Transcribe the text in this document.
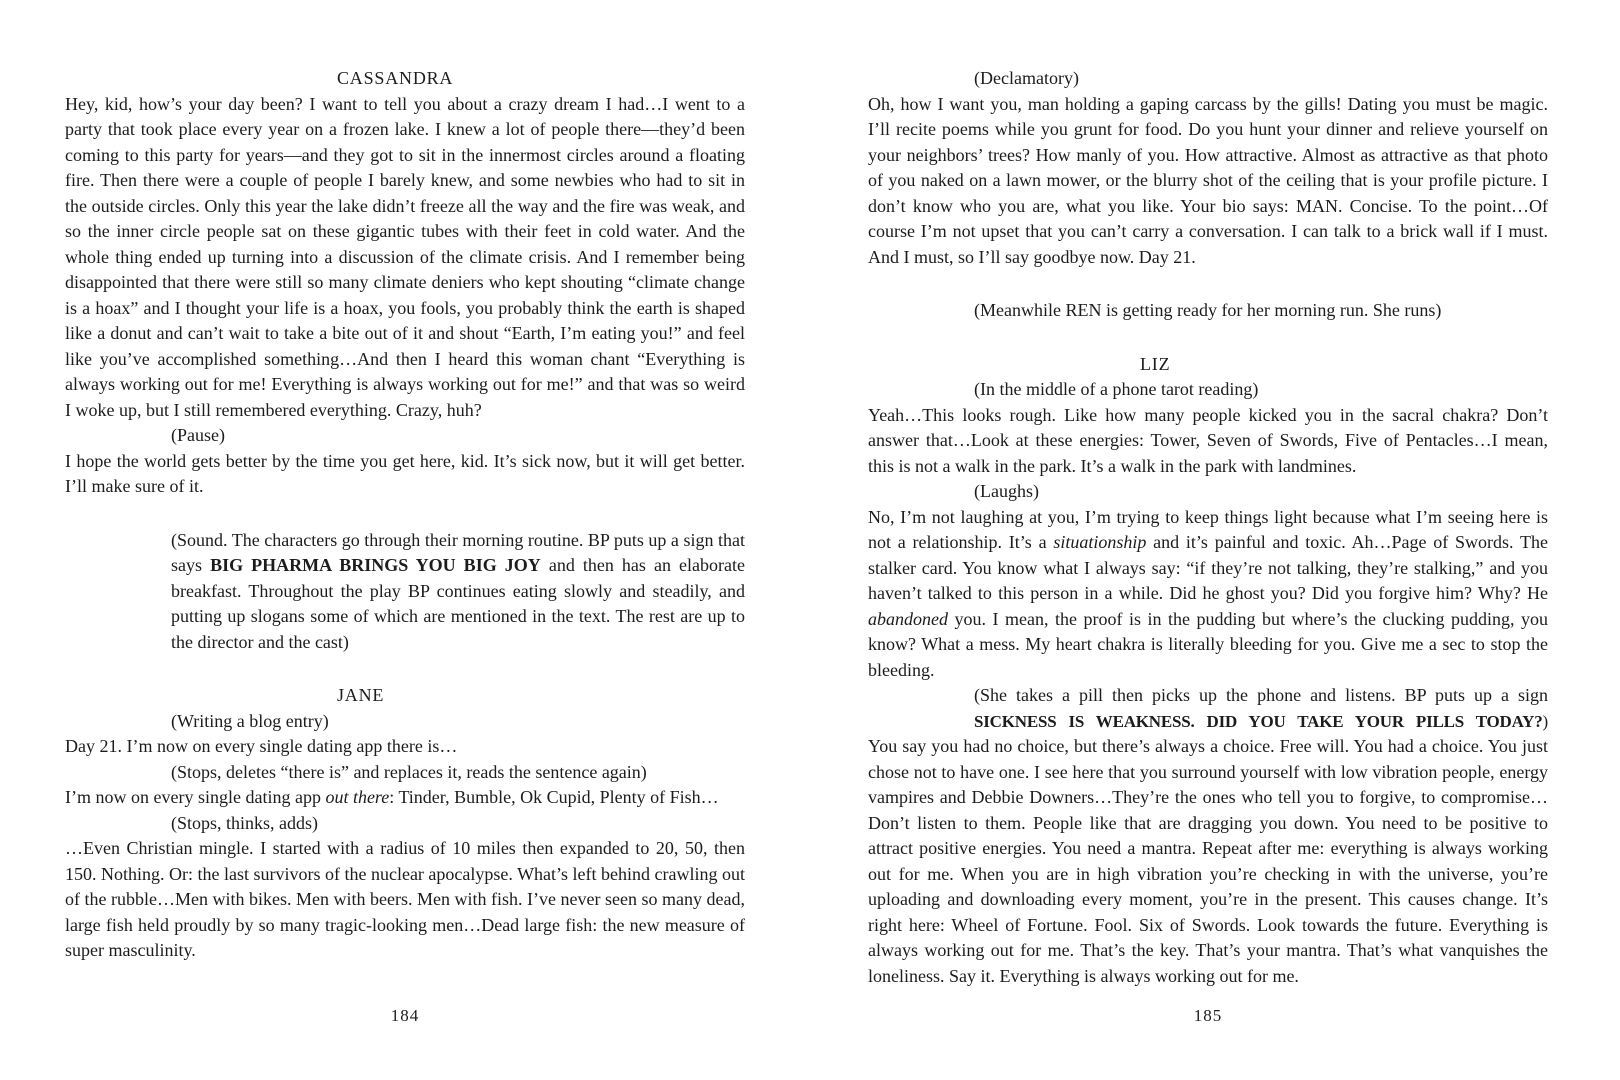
CASSANDRA

Hey, kid, how’s your day been? I want to tell you about a crazy dream I had…I went to a party that took place every year on a frozen lake. I knew a lot of people there—they’d been coming to this party for years—and they got to sit in the innermost circles around a floating fire. Then there were a couple of people I barely knew, and some newbies who had to sit in the outside circles. Only this year the lake didn’t freeze all the way and the fire was weak, and so the inner circle people sat on these gigantic tubes with their feet in cold water. And the whole thing ended up turning into a discussion of the climate crisis. And I remember being disappointed that there were still so many climate deniers who kept shouting “climate change is a hoax” and I thought your life is a hoax, you fools, you probably think the earth is shaped like a donut and can’t wait to take a bite out of it and shout “Earth, I’m eating you!” and feel like you’ve accomplished something…And then I heard this woman chant “Everything is always working out for me! Everything is always working out for me!” and that was so weird I woke up, but I still remembered everything. Crazy, huh?

(Pause)

I hope the world gets better by the time you get here, kid. It’s sick now, but it will get better. I’ll make sure of it.

(Sound. The characters go through their morning routine. BP puts up a sign that says BIG PHARMA BRINGS YOU BIG JOY and then has an elaborate breakfast. Throughout the play BP continues eating slowly and steadily, and putting up slogans some of which are mentioned in the text. The rest are up to the director and the cast)
JANE
(Writing a blog entry)

Day 21. I’m now on every single dating app there is…

(Stops, deletes “there is” and replaces it, reads the sentence again)

I’m now on every single dating app out there: Tinder, Bumble, Ok Cupid, Plenty of Fish…

(Stops, thinks, adds)

…Even Christian mingle. I started with a radius of 10 miles then expanded to 20, 50, then 150. Nothing. Or: the last survivors of the nuclear apocalypse. What’s left behind crawling out of the rubble…Men with bikes. Men with beers. Men with fish. I’ve never seen so many dead, large fish held proudly by so many tragic-looking men…Dead large fish: the new measure of super masculinity.

184
(Declamatory)

Oh, how I want you, man holding a gaping carcass by the gills! Dating you must be magic. I’ll recite poems while you grunt for food. Do you hunt your dinner and relieve yourself on your neighbors’ trees? How manly of you. How attractive. Almost as attractive as that photo of you naked on a lawn mower, or the blurry shot of the ceiling that is your profile picture. I don’t know who you are, what you like. Your bio says: MAN. Concise. To the point…Of course I’m not upset that you can’t carry a conversation. I can talk to a brick wall if I must. And I must, so I’ll say goodbye now. Day 21.

(Meanwhile REN is getting ready for her morning run. She runs)
LIZ
(In the middle of a phone tarot reading)

Yeah…This looks rough. Like how many people kicked you in the sacral chakra? Don’t answer that…Look at these energies: Tower, Seven of Swords, Five of Pentacles…I mean, this is not a walk in the park. It’s a walk in the park with landmines.

(Laughs)

No, I’m not laughing at you, I’m trying to keep things light because what I’m seeing here is not a relationship. It’s a situationship and it’s painful and toxic. Ah…Page of Swords. The stalker card. You know what I always say: “if they’re not talking, they’re stalking,” and you haven’t talked to this person in a while. Did he ghost you? Did you forgive him? Why? He abandoned you. I mean, the proof is in the pudding but where’s the clucking pudding, you know? What a mess. My heart chakra is literally bleeding for you. Give me a sec to stop the bleeding.

(She takes a pill then picks up the phone and listens. BP puts up a sign
SICKNESS IS WEAKNESS. DID YOU TAKE YOUR PILLS TODAY?)

You say you had no choice, but there’s always a choice. Free will. You had a choice. You just chose not to have one. I see here that you surround yourself with low vibration people, energy vampires and Debbie Downers…They’re the ones who tell you to forgive, to compromise…Don’t listen to them. People like that are dragging you down. You need to be positive to attract positive energies. You need a mantra. Repeat after me: everything is always working out for me. When you are in high vibration you’re checking in with the universe, you’re uploading and downloading every moment, you’re in the present. This causes change. It’s right here: Wheel of Fortune. Fool. Six of Swords. Look towards the future. Everything is always working out for me. That’s the key. That’s your mantra. That’s what vanquishes the loneliness. Say it. Everything is always working out for me.

185
